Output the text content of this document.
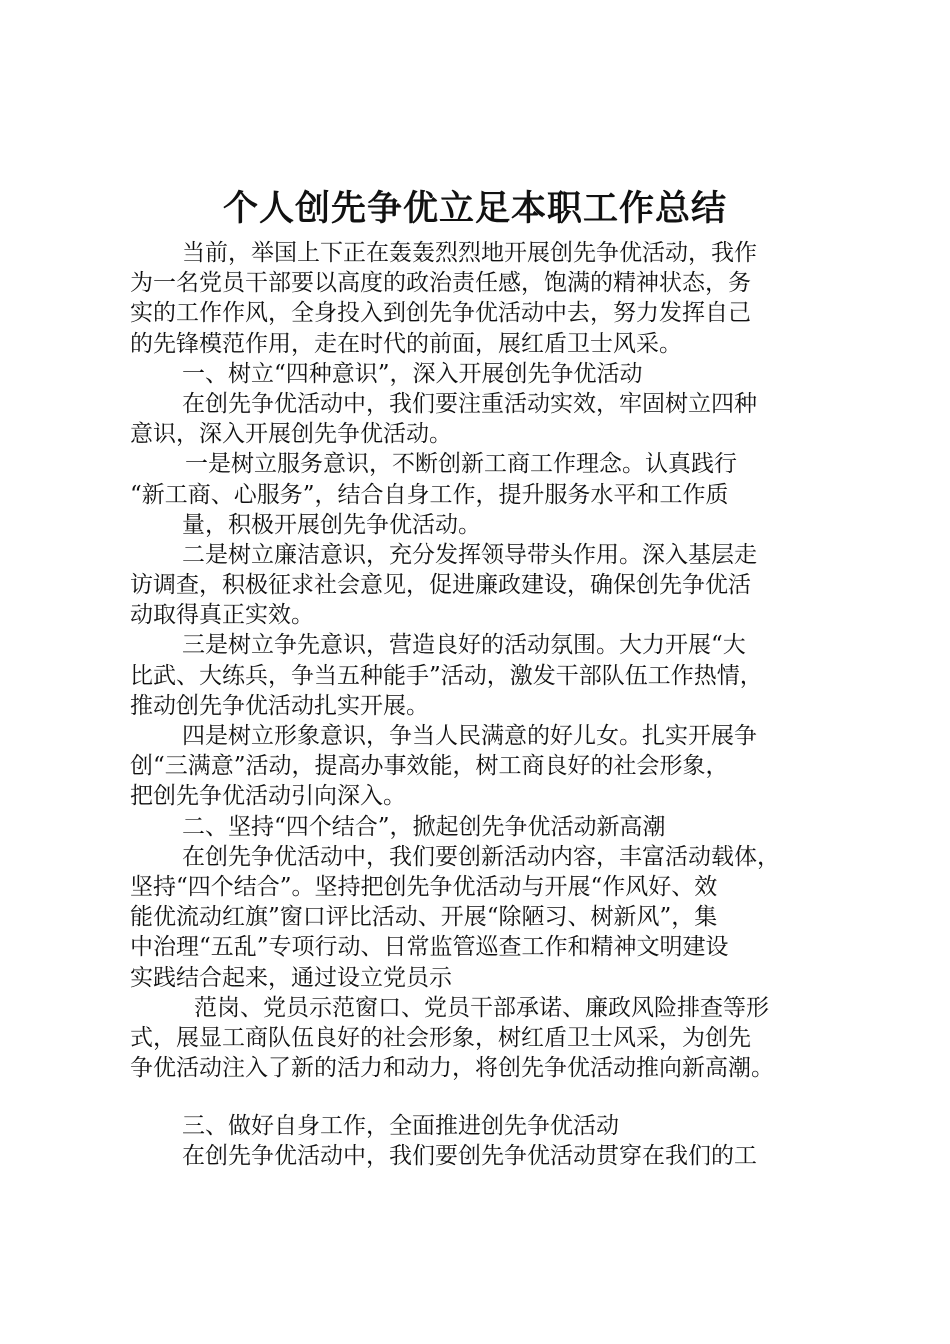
个人创先争优立足本职工作总结
当前，举国上下正在轰轰烈烈地开展创先争优活动，我作
为一名党员干部要以高度的政治责任感，饱满的精神状态，务
实的工作作风，全身投入到创先争优活动中去，努力发挥自己
的先锋模范作用，走在时代的前面，展红盾卫士风采。
一、树立“四种意识”，深入开展创先争优活动
在创先争优活动中，我们要注重活动实效，牢固树立四种
意识，深入开展创先争优活动。
一是树立服务意识，不断创新工商工作理念。认真践行
“新工商、心服务”，结合自身工作，提升服务水平和工作质
量，积极开展创先争优活动。
二是树立廉洁意识，充分发挥领导带头作用。深入基层走
访调查，积极征求社会意见，促进廉政建设，确保创先争优活
动取得真正实效。
三是树立争先意识，营造良好的活动氛围。大力开展“大
比武、大练兵，争当五种能手”活动，激发干部队伍工作热情，
推动创先争优活动扎实开展。
四是树立形象意识，争当人民满意的好儿女。扎实开展争
创“三满意”活动，提高办事效能，树工商良好的社会形象，
把创先争优活动引向深入。
二、坚持“四个结合”，掀起创先争优活动新高潮
在创先争优活动中，我们要创新活动内容，丰富活动载体，
坚持“四个结合”。坚持把创先争优活动与开展“作风好、效
能优流动红旗”窗口评比活动、开展“除陋习、树新风”，集
中治理“五乱”专项行动、日常监管巡查工作和精神文明建设
实践结合起来，通过设立党员示
范岗、党员示范窗口、党员干部承诺、廉政风险排查等形
式，展显工商队伍良好的社会形象，树红盾卫士风采，为创先
争优活动注入了新的活力和动力，将创先争优活动推向新高潮。
三、做好自身工作，全面推进创先争优活动
在创先争优活动中，我们要创先争优活动贯穿在我们的工
